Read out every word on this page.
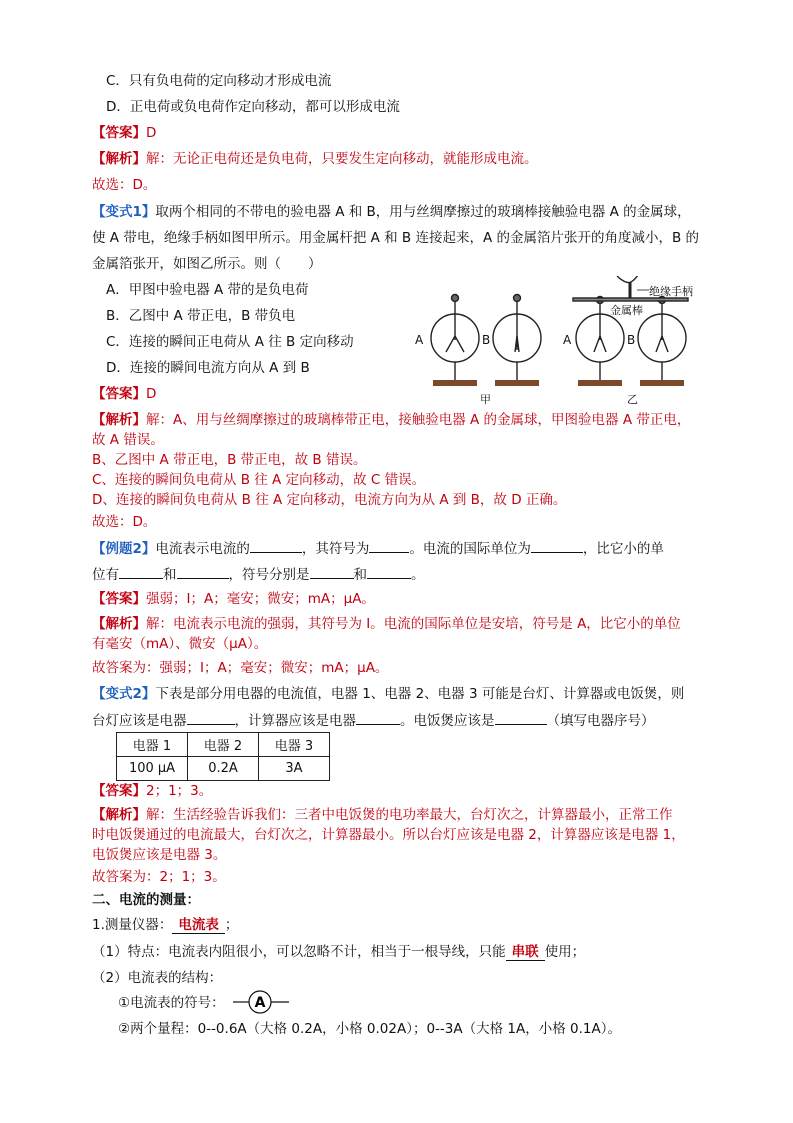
C．只有负电荷的定向移动才形成电流
D．正电荷或负电荷作定向移动，都可以形成电流
【答案】D
【解析】解：无论正电荷还是负电荷，只要发生定向移动，就能形成电流。
故选：D。
【变式1】取两个相同的不带电的验电器 A 和 B，用与丝绸摩擦过的玻璃棒接触验电器 A 的金属球，
使 A 带电，绝缘手柄如图甲所示。用金属杆把 A 和 B 连接起来，A 的金属箔片张开的角度减小，B 的
金属箔张开，如图乙所示。则（　　）
A．甲图中验电器 A 带的是负电荷
B．乙图中 A 带正电，B 带负电
C．连接的瞬间正电荷从 A 往 B 定向移动
D．连接的瞬间电流方向从 A 到 B
A	B	A	B
绝缘手柄
金属棒
甲	乙
【答案】D
【解析】解：A、用与丝绸摩擦过的玻璃棒带正电，接触验电器 A 的金属球，甲图验电器 A 带正电，
故 A 错误。
B、乙图中 A 带正电，B 带正电，故 B 错误。
C、连接的瞬间负电荷从 B 往 A 定向移动，故 C 错误。
D、连接的瞬间负电荷从 B 往 A 定向移动，电流方向为从 A 到 B，故 D 正确。
故选：D。
【例题2】电流表示电流的	，其符号为	。电流的国际单位为	，比它小的单
位有	和	，符号分别是	和	。
【答案】强弱；I；A；毫安；微安；mA；μA。
【解析】解：电流表示电流的强弱，其符号为 I。电流的国际单位是安培，符号是 A，比它小的单位
有毫安（mA）、微安（μA）。
故答案为：强弱；I；A；毫安；微安；mA；μA。
【变式2】下表是部分用电器的电流值，电器 1、电器 2、电器 3 可能是台灯、计算器或电饭煲，则
台灯应该是电器	，计算器应该是电器	。电饭煲应该是	（填写电器序号）
电器 1	电器 2	电器 3
100 μA	0.2A	3A
【答案】2；1；3。
【解析】解：生活经验告诉我们：三者中电饭煲的电功率最大，台灯次之，计算器最小，正常工作
时电饭煲通过的电流最大，台灯次之，计算器最小。所以台灯应该是电器 2，计算器应该是电器 1，
电饭煲应该是电器 3。
故答案为：2；1；3。
二、电流的测量：
1.测量仪器： 电流表 ；
（1）特点：电流表内阻很小，可以忽略不计，相当于一根导线，只能 串联 使用；
（2）电流表的结构：
①电流表的符号： A
②两个量程：0--0.6A（大格 0.2A，小格 0.02A）；0--3A（大格 1A，小格 0.1A）。
